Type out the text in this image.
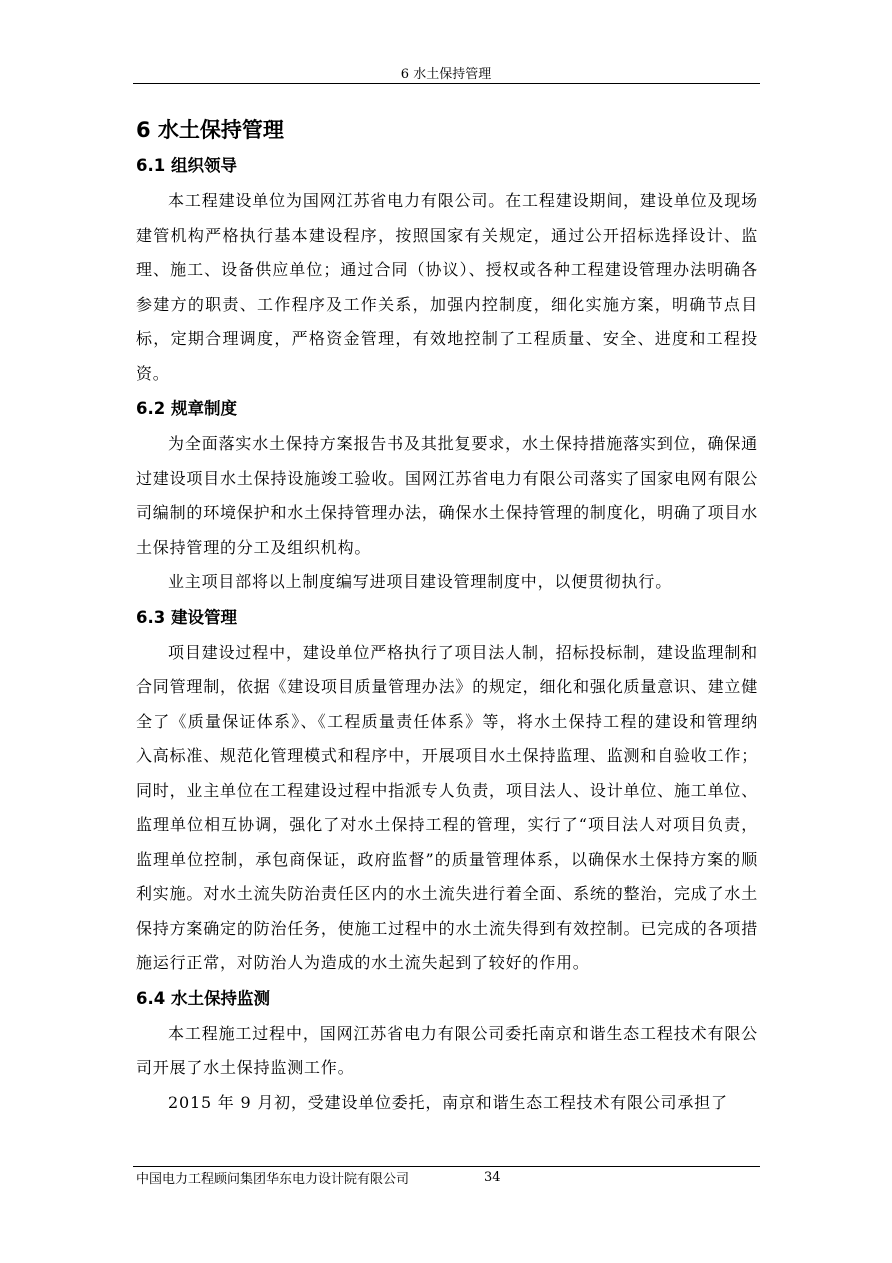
6 水土保持管理
6 水土保持管理
6.1 组织领导

本工程建设单位为国网江苏省电力有限公司。在工程建设期间，建设单位及现场建管机构严格执行基本建设程序，按照国家有关规定，通过公开招标选择设计、监理、施工、设备供应单位；通过合同（协议）、授权或各种工程建设管理办法明确各参建方的职责、工作程序及工作关系，加强内控制度，细化实施方案，明确节点目标，定期合理调度，严格资金管理，有效地控制了工程质量、安全、进度和工程投资。

6.2 规章制度

为全面落实水土保持方案报告书及其批复要求，水土保持措施落实到位，确保通过建设项目水土保持设施竣工验收。国网江苏省电力有限公司落实了国家电网有限公司编制的环境保护和水土保持管理办法，确保水土保持管理的制度化，明确了项目水土保持管理的分工及组织机构。

业主项目部将以上制度编写进项目建设管理制度中，以便贯彻执行。

6.3 建设管理

项目建设过程中，建设单位严格执行了项目法人制，招标投标制，建设监理制和合同管理制，依据《建设项目质量管理办法》的规定，细化和强化质量意识、建立健全了《质量保证体系》、《工程质量责任体系》等，将水土保持工程的建设和管理纳入高标准、规范化管理模式和程序中，开展项目水土保持监理、监测和自验收工作；同时，业主单位在工程建设过程中指派专人负责，项目法人、设计单位、施工单位、监理单位相互协调，强化了对水土保持工程的管理，实行了“项目法人对项目负责，监理单位控制，承包商保证，政府监督”的质量管理体系，以确保水土保持方案的顺利实施。对水土流失防治责任区内的水土流失进行着全面、系统的整治，完成了水土保持方案确定的防治任务，使施工过程中的水土流失得到有效控制。已完成的各项措施运行正常，对防治人为造成的水土流失起到了较好的作用。

6.4 水土保持监测

本工程施工过程中，国网江苏省电力有限公司委托南京和谐生态工程技术有限公司开展了水土保持监测工作。

2015 年 9 月初，受建设单位委托，南京和谐生态工程技术有限公司承担了

中国电力工程顾问集团华东电力设计院有限公司	34
